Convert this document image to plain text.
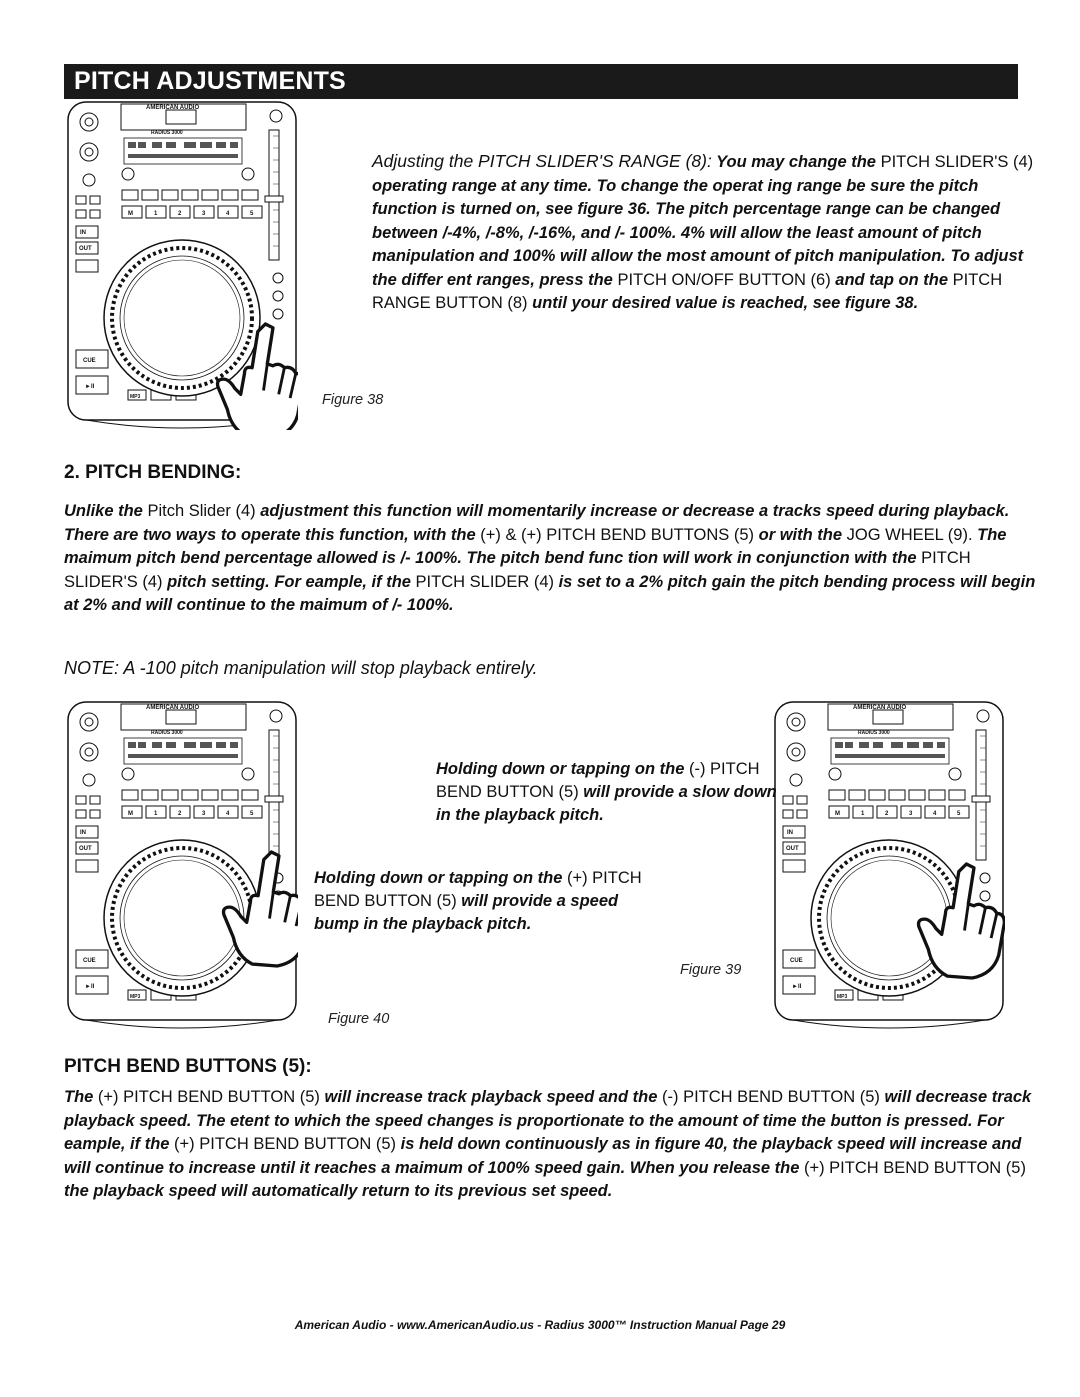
PITCH ADJUSTMENTS
Figure 38

Adjusting the PITCH SLIDER'S RANGE (8): You may change the PITCH SLIDER'S (4) operating range at any time. To change the operat ing range be sure the pitch function is turned on, see figure 36. The pitch percentage range can be changed between /-4%, /-8%, /-16%, and /- 100%. 4% will allow the least amount of pitch manipulation and 100% will allow the most amount of pitch manipulation. To adjust the differ ent ranges, press the PITCH ON/OFF BUTTON (6) and tap on the PITCH RANGE BUTTON (8) until your desired value is reached, see figure 38.

2. PITCH BENDING:

Unlike the Pitch Slider (4) adjustment this function will momentarily increase or decrease a tracks speed during playback. There are two ways to operate this function, with the (+) & (+) PITCH BEND BUTTONS (5) or with the JOG WHEEL (9). The maimum pitch bend percentage allowed is /- 100%. The pitch bend func tion will work in conjunction with the PITCH SLIDER'S (4) pitch setting. For eample, if the PITCH SLIDER (4) is set to a 2% pitch gain the pitch bending process will begin at 2% and will continue to the maimum of /- 100%.

NOTE: A -100 pitch manipulation will stop playback entirely.

Figure 40
Figure 39

Holding down or tapping on the (-) PITCH BEND BUTTON (5) will provide a slow down in the playback pitch.

Holding down or tapping on the (+) PITCH BEND BUTTON (5) will provide a speed bump in the playback pitch.

PITCH BEND BUTTONS (5):

The (+) PITCH BEND BUTTON (5) will increase track playback speed and the (-) PITCH BEND BUTTON (5) will decrease track playback speed. The etent to which the speed changes is proportionate to the amount of time the button is pressed. For eample, if the (+) PITCH BEND BUTTON (5) is held down continuously as in figure 40, the playback speed will increase and will continue to increase until it reaches a maimum of 100% speed gain. When you release the (+) PITCH BEND BUTTON (5) the playback speed will automatically return to its previous set speed.

American Audio - www.AmericanAudio.us - Radius 3000™ Instruction Manual Page 29
